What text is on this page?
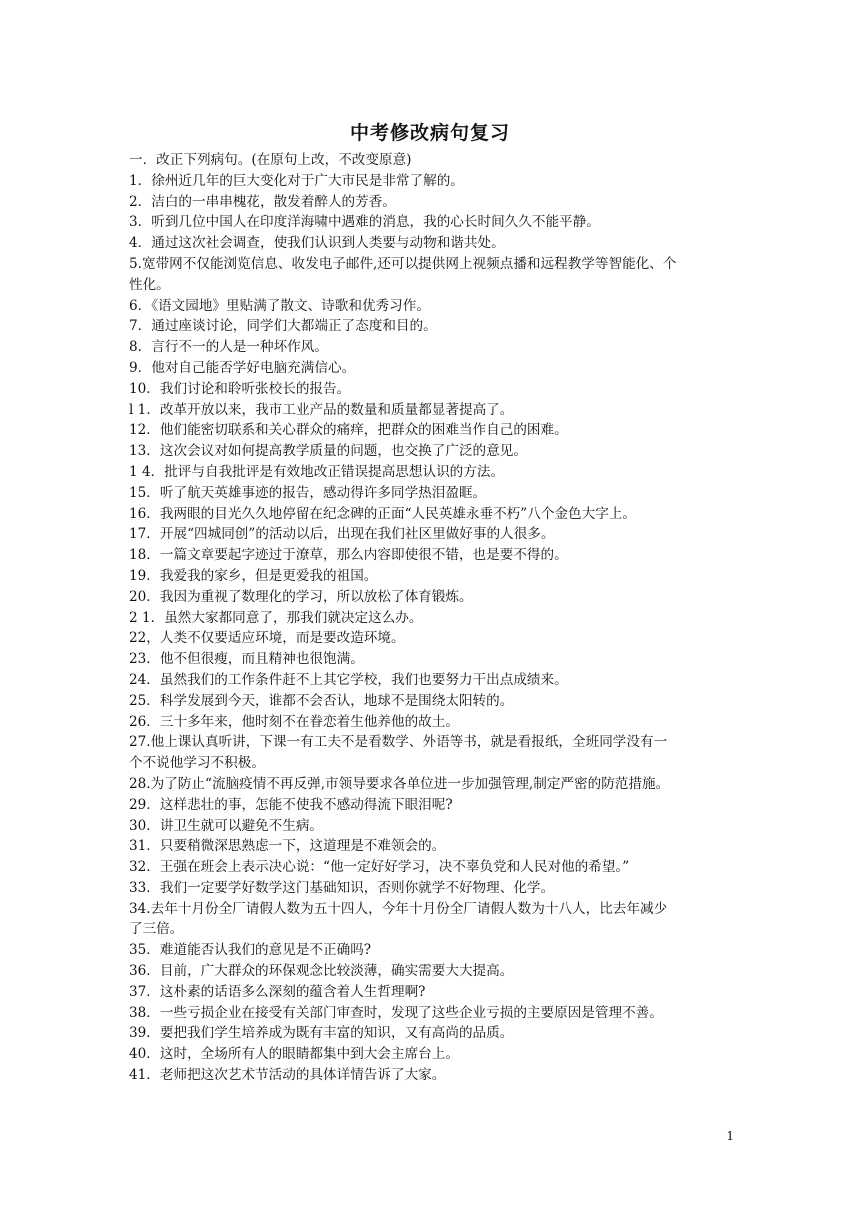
中考修改病句复习
一．改正下列病句。(在原句上改，不改变原意)
1．徐州近几年的巨大变化对于广大市民是非常了解的。
2．洁白的一串串槐花，散发着醉人的芳香。
3．听到几位中国人在印度洋海啸中遇难的消息，我的心长时间久久不能平静。
4．通过这次社会调查，使我们认识到人类要与动物和谐共处。
5.宽带网不仅能浏览信息、收发电子邮件,还可以提供网上视频点播和远程教学等智能化、个
性化。
6．《语文园地》里贴满了散文、诗歌和优秀习作。
7．通过座谈讨论，同学们大都端正了态度和目的。
8．言行不一的人是一种坏作风。
9．他对自己能否学好电脑充满信心。
10．我们讨论和聆听张校长的报告。
l 1．改革开放以来，我市工业产品的数量和质量都显著提高了。
12．他们能密切联系和关心群众的痛痒，把群众的困难当作自己的困难。
13．这次会议对如何提高教学质量的问题，也交换了广泛的意见。
1 4．批评与自我批评是有效地改正错误提高思想认识的方法。
15．听了航天英雄事迹的报告，感动得许多同学热泪盈眶。
16．我两眼的目光久久地停留在纪念碑的正面“人民英雄永垂不朽”八个金色大字上。
17．开展“四城同创”的活动以后，出现在我们社区里做好事的人很多。
18．一篇文章要起字迹过于潦草，那么内容即使很不错，也是要不得的。
19．我爱我的家乡，但是更爱我的祖国。
20．我因为重视了数理化的学习，所以放松了体育锻炼。
2 1．虽然大家都同意了，那我们就决定这么办。
22，人类不仅要适应环境，而是要改造环境。
23．他不但很瘦，而且精神也很饱满。
24．虽然我们的工作条件赶不上其它学校，我们也要努力干出点成绩来。
25．科学发展到今天，谁都不会否认，地球不是围绕太阳转的。
26．三十多年来，他时刻不在眷恋着生他养他的故土。
27.他上课认真听讲，下课一有工夫不是看数学、外语等书，就是看报纸，全班同学没有一
个不说他学习不积极。
28.为了防止“流脑疫情不再反弹,市领导要求各单位进一步加强管理,制定严密的防范措施。
29．这样悲壮的事，怎能不使我不感动得流下眼泪呢?
30．讲卫生就可以避免不生病。
31．只要稍微深思熟虑一下，这道理是不难领会的。
32．王强在班会上表示决心说：“他一定好好学习，决不辜负党和人民对他的希望。”
33．我们一定要学好数学这门基础知识，否则你就学不好物理、化学。
34.去年十月份全厂请假人数为五十四人，今年十月份全厂请假人数为十八人，比去年减少
了三倍。
35．难道能否认我们的意见是不正确吗?
36．目前，广大群众的环保观念比较淡薄，确实需要大大提高。
37．这朴素的话语多么深刻的蕴含着人生哲理啊?
38．一些亏损企业在接受有关部门审查时，发现了这些企业亏损的主要原因是管理不善。
39．要把我们学生培养成为既有丰富的知识，又有高尚的品质。
40．这时，全场所有人的眼睛都集中到大会主席台上。
41．老师把这次艺术节活动的具体详情告诉了大家。
1
